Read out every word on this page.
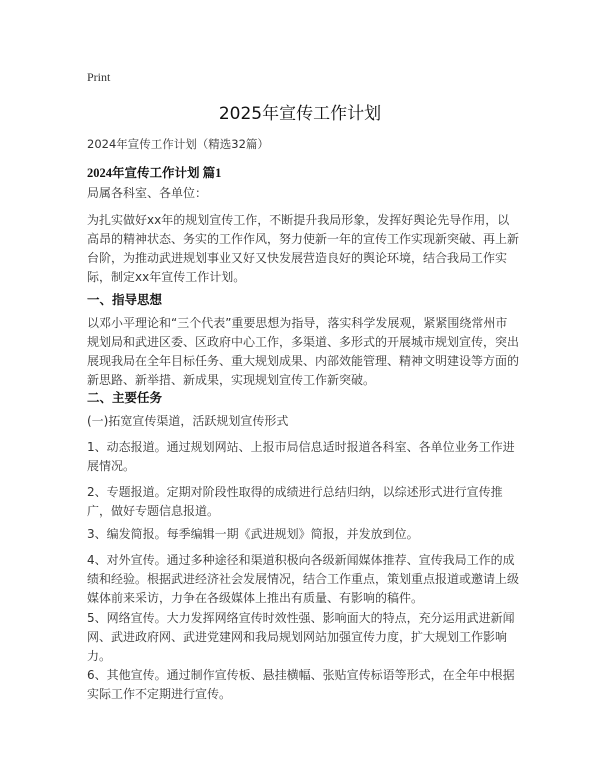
Print
2025年宣传工作计划
2024年宣传工作计划（精选32篇）
2024年宣传工作计划 篇1
局属各科室、各单位：
为扎实做好xx年的规划宣传工作，不断提升我局形象，发挥好舆论先导作用，以高昂的精神状态、务实的工作作风，努力使新一年的宣传工作实现新突破、再上新台阶，为推动武进规划事业又好又快发展营造良好的舆论环境，结合我局工作实际，制定xx年宣传工作计划。
一、指导思想
以邓小平理论和“三个代表”重要思想为指导，落实科学发展观，紧紧围绕常州市规划局和武进区委、区政府中心工作，多渠道、多形式的开展城市规划宣传，突出展现我局在全年目标任务、重大规划成果、内部效能管理、精神文明建设等方面的新思路、新举措、新成果，实现规划宣传工作新突破。
二、主要任务
(一)拓宽宣传渠道，活跃规划宣传形式
1、动态报道。通过规划网站、上报市局信息适时报道各科室、各单位业务工作进展情况。
2、专题报道。定期对阶段性取得的成绩进行总结归纳，以综述形式进行宣传推广，做好专题信息报道。
3、编发简报。每季编辑一期《武进规划》简报，并发放到位。
4、对外宣传。通过多种途径和渠道积极向各级新闻媒体推荐、宣传我局工作的成绩和经验。根据武进经济社会发展情况，结合工作重点，策划重点报道或邀请上级媒体前来采访，力争在各级媒体上推出有质量、有影响的稿件。
5、网络宣传。大力发挥网络宣传时效性强、影响面大的特点，充分运用武进新闻网、武进政府网、武进党建网和我局规划网站加强宣传力度，扩大规划工作影响力。
6、其他宣传。通过制作宣传板、悬挂横幅、张贴宣传标语等形式，在全年中根据实际工作不定期进行宣传。
